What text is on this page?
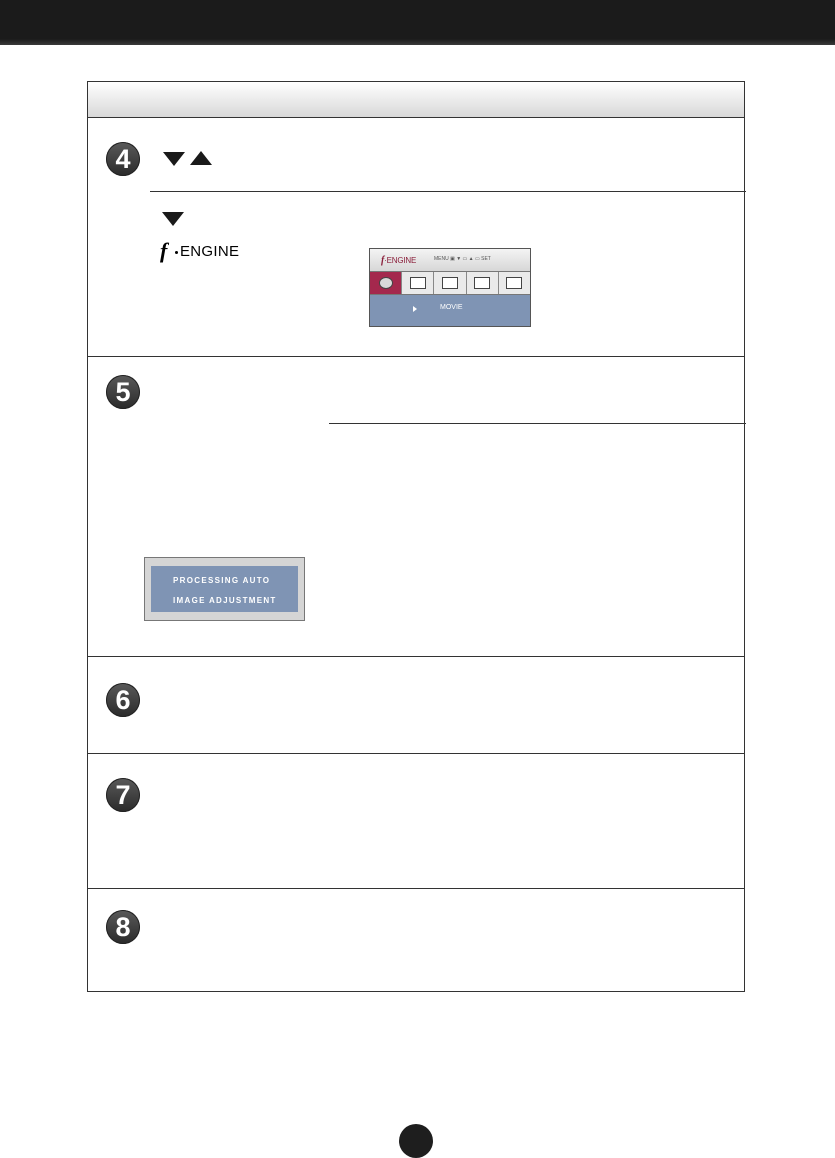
4
f ENGINE
f·ENGINE	MENU ▣ ▼ ▭ ▲ ▭ SET
MOVIE
5
PROCESSING AUTO
IMAGE ADJUSTMENT
6
7
8
